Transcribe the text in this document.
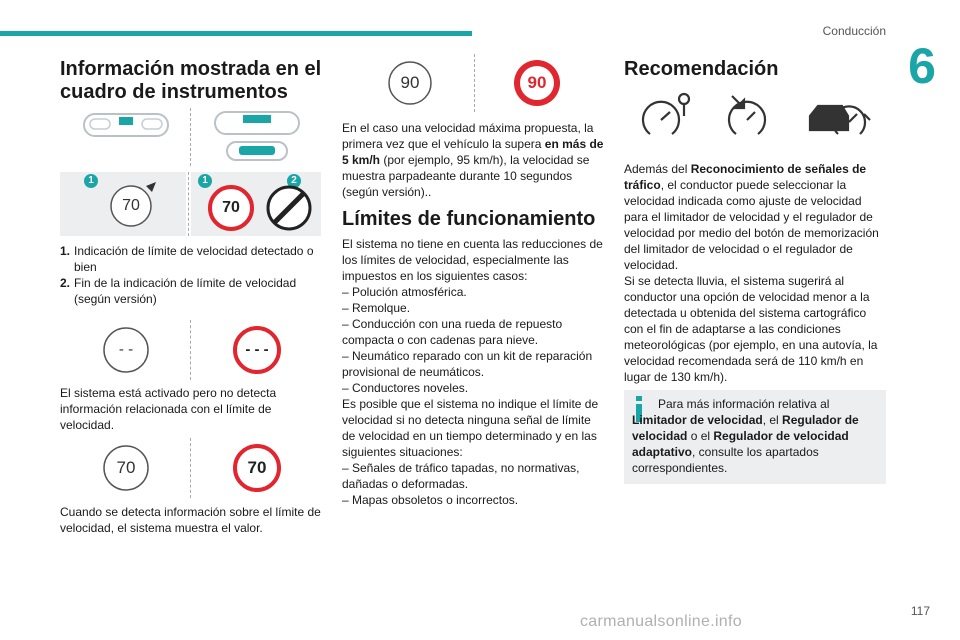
Conducción
6
Información mostrada en el cuadro de instrumentos
1
70
1	2
70
1. Indicación de límite de velocidad detectado o bien
2. Fin de la indicación de límite de velocidad (según versión)
- -	- - -

El sistema está activado pero no detecta información relacionada con el límite de velocidad.

70	70

Cuando se detecta información sobre el límite de velocidad, el sistema muestra el valor.

90	90

En el caso una velocidad máxima propuesta, la primera vez que el vehículo la supera en más de 5 km/h (por ejemplo, 95 km/h), la velocidad se muestra parpadeante durante 10 segundos (según versión)..

Límites de funcionamiento

El sistema no tiene en cuenta las reducciones de los límites de velocidad, especialmente las impuestos en los siguientes casos:

– Polución atmosférica.

– Remolque.

– Conducción con una rueda de repuesto compacta o con cadenas para nieve.

– Neumático reparado con un kit de reparación provisional de neumáticos.

– Conductores noveles.

Es posible que el sistema no indique el límite de velocidad si no detecta ninguna señal de límite de velocidad en un tiempo determinado y en las siguientes situaciones:

– Señales de tráfico tapadas, no normativas, dañadas o deformadas.

– Mapas obsoletos o incorrectos.

Recomendación

Además del Reconocimiento de señales de tráfico, el conductor puede seleccionar la velocidad indicada como ajuste de velocidad para el limitador de velocidad y el regulador de velocidad por medio del botón de memorización del limitador de velocidad o el regulador de velocidad.

Si se detecta lluvia, el sistema sugerirá al conductor una opción de velocidad menor a la detectada u obtenida del sistema cartográfico con el fin de adaptarse a las condiciones meteorológicas (por ejemplo, en una autovía, la velocidad recomendada será de 110 km/h en lugar de 130 km/h).

Para más información relativa al Limitador de velocidad, el Regulador de velocidad o el Regulador de velocidad adaptativo, consulte los apartados correspondientes.
carmanualsonline.info
117
